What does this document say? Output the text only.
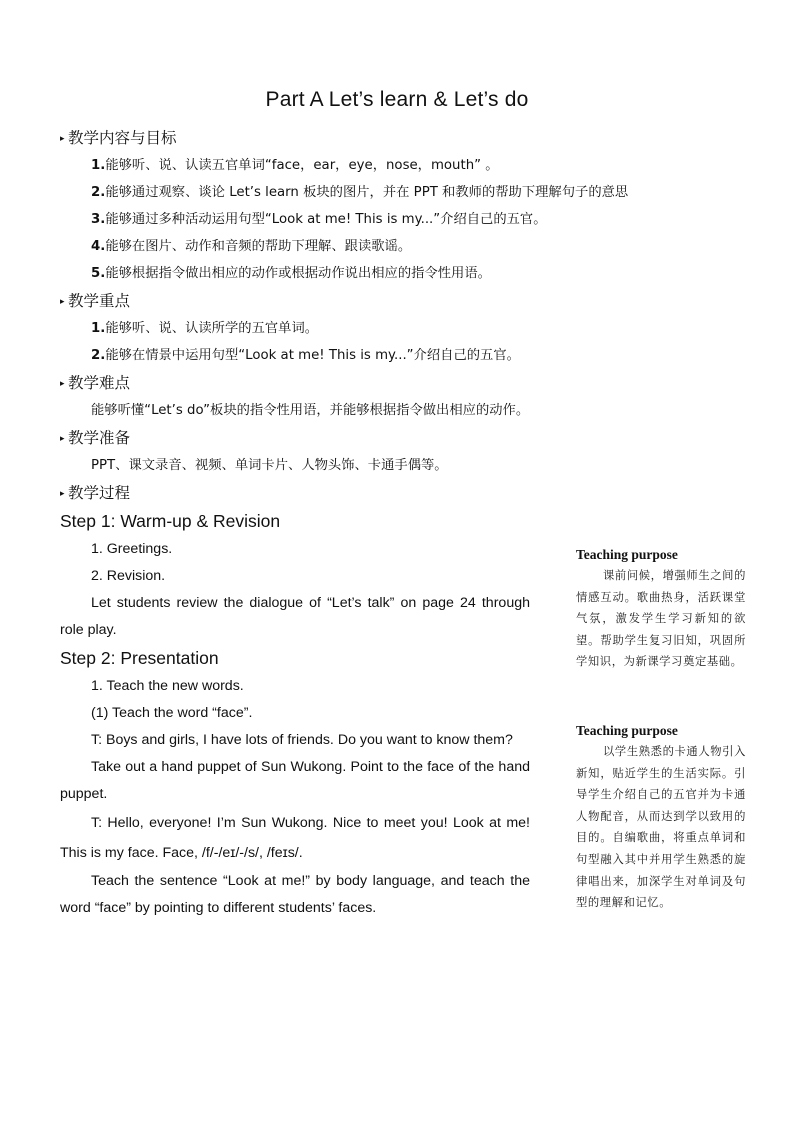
Part A Let’s learn & Let’s do
▸ 教学内容与目标
1.能够听、说、认读五官单词“face，ear，eye，nose，mouth” 。
2.能够通过观察、谈论 Let’s learn 板块的图片，并在 PPT 和教师的帮助下理解句子的意思
3.能够通过多种活动运用句型“Look at me! This is my...”介绍自己的五官。
4.能够在图片、动作和音频的帮助下理解、跟读歌谣。
5.能够根据指令做出相应的动作或根据动作说出相应的指令性用语。
▸ 教学重点
1.能够听、说、认读所学的五官单词。
2.能够在情景中运用句型“Look at me! This is my...”介绍自己的五官。
▸ 教学难点
能够听懂“Let’s do”板块的指令性用语，并能够根据指令做出相应的动作。
▸ 教学准备
PPT、课文录音、视频、单词卡片、人物头饰、卡通手偶等。
▸ 教学过程
Step 1: Warm-up & Revision
1. Greetings.
2. Revision.
Let students review the dialogue of “Let’s talk” on page 24 through role play.
Step 2: Presentation
1. Teach the new words.
(1) Teach the word “face”.
T: Boys and girls, I have lots of friends. Do you want to know them?
Take out a hand puppet of Sun Wukong. Point to the face of the hand puppet.
T: Hello, everyone! I’m Sun Wukong. Nice to meet you! Look at me! This is my face. Face, /f/-/eɪ/-/s/, /feɪs/.
Teach the sentence “Look at me!” by body language, and teach the word “face” by pointing to different students’ faces.
Teaching purpose
课前问候，增强师生之间的情感互动。歌曲热身，活跃课堂气氛，激发学生学习新知的欲望。帮助学生复习旧知，巩固所学知识，为新课学习奠定基础。
Teaching purpose
以学生熟悉的卡通人物引入新知，贴近学生的生活实际。引导学生介绍自己的五官并为卡通人物配音，从而达到学以致用的目的。自编歌曲，将重点单词和句型融入其中并用学生熟悉的旋律唱出来，加深学生对单词及句型的理解和记忆。
